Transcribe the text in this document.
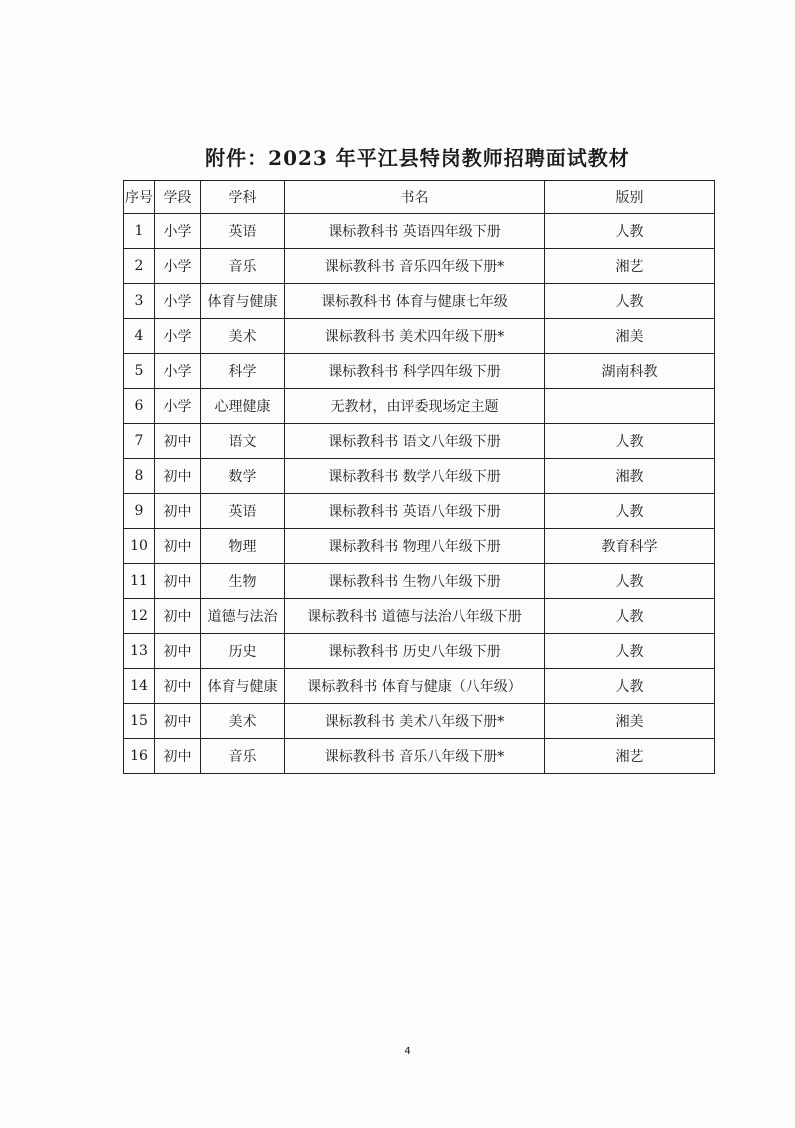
附件：2023 年平江县特岗教师招聘面试教材
序号	学段	学科	书名	版别
1	小学	英语	课标教科书 英语四年级下册	人教
2	小学	音乐	课标教科书 音乐四年级下册*	湘艺
3	小学	体育与健康	课标教科书 体育与健康七年级	人教
4	小学	美术	课标教科书 美术四年级下册*	湘美
5	小学	科学	课标教科书 科学四年级下册	湖南科教
6	小学	心理健康	无教材，由评委现场定主题	
7	初中	语文	课标教科书 语文八年级下册	人教
8	初中	数学	课标教科书 数学八年级下册	湘教
9	初中	英语	课标教科书 英语八年级下册	人教
10	初中	物理	课标教科书 物理八年级下册	教育科学
11	初中	生物	课标教科书 生物八年级下册	人教
12	初中	道德与法治	课标教科书 道德与法治八年级下册	人教
13	初中	历史	课标教科书 历史八年级下册	人教
14	初中	体育与健康	课标教科书 体育与健康（八年级）	人教
15	初中	美术	课标教科书 美术八年级下册*	湘美
16	初中	音乐	课标教科书 音乐八年级下册*	湘艺
4
